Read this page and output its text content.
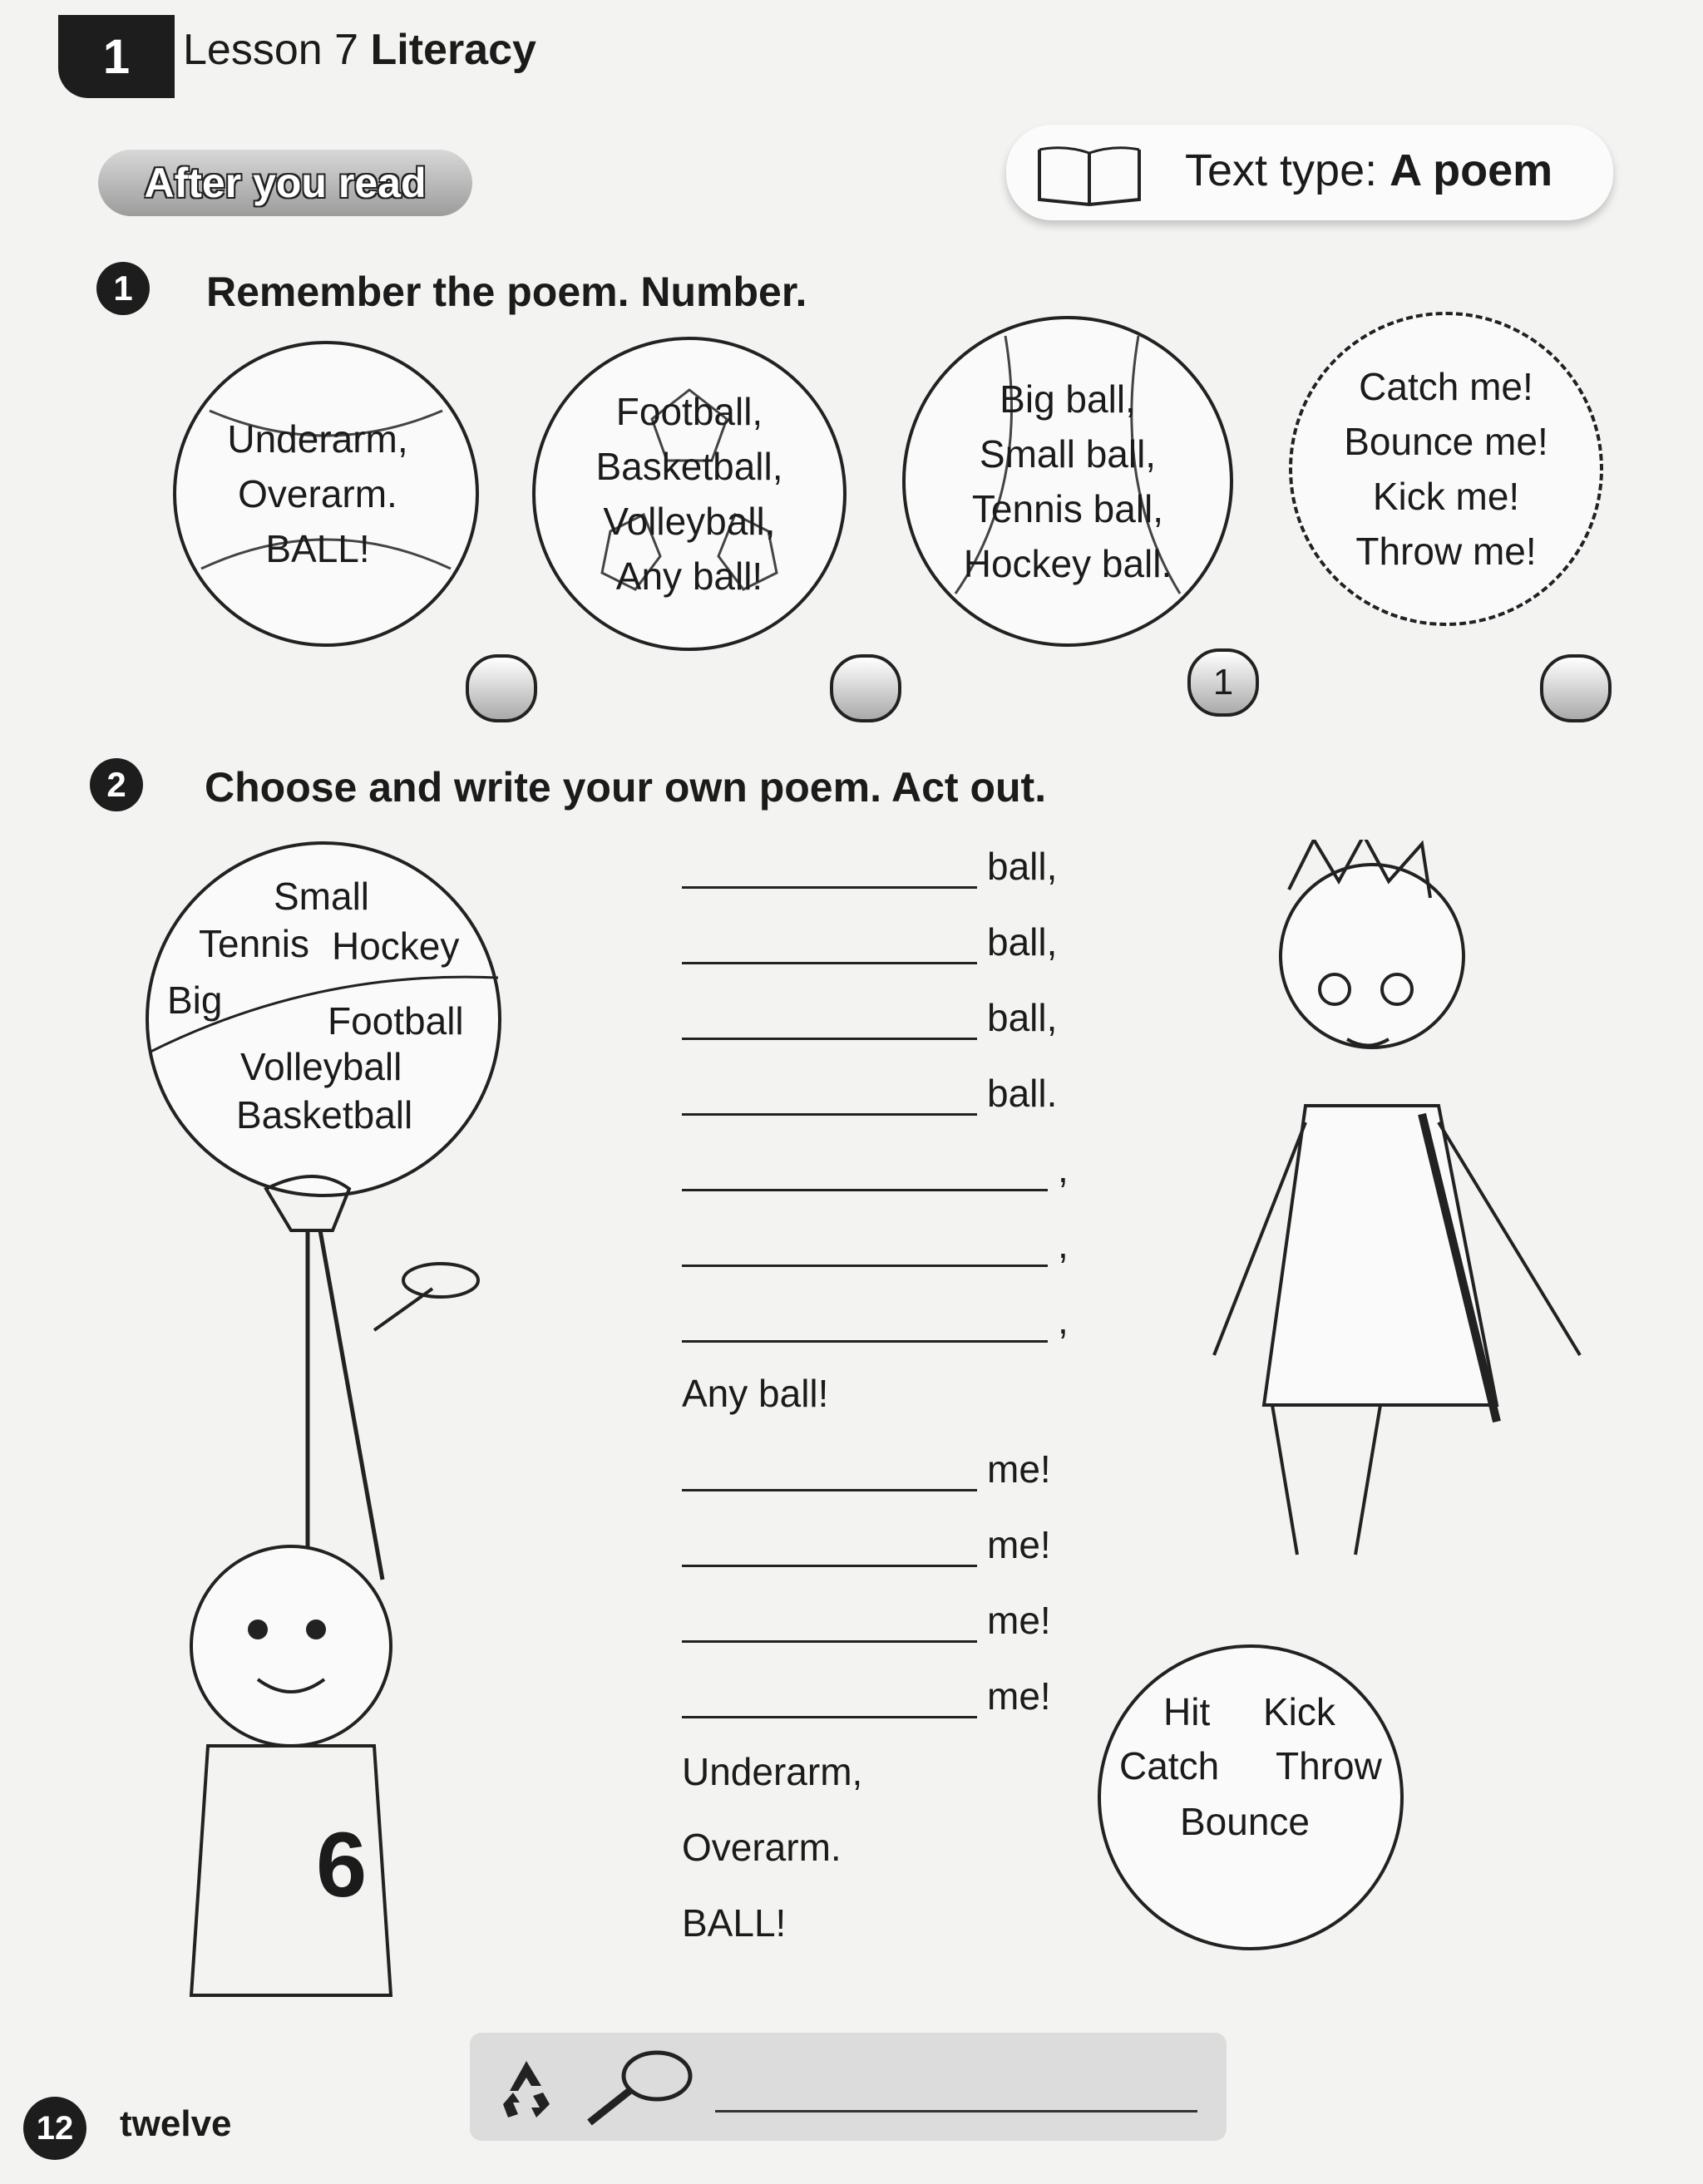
1 Lesson 7 Literacy
After you read	Text type: A poem
1	Remember the poem. Number.
Underarm,
Overarm.
BALL!
Football,
Basketball,
Volleyball,
Any ball!
Big ball,
Small ball,
Tennis ball,
Hockey ball.
1
Catch me!
Bounce me!
Kick me!
Throw me!
2	Choose and write your own poem. Act out.
Small
Tennis Hockey
Big	Football
Volleyball
Basketball
6
ball,
ball,
ball,
ball.
,
,
,
Any ball!
me!
me!
me!
me!
Underarm,
Overarm.
BALL!
Hit Kick
Catch Throw
Bounce
12	twelve
